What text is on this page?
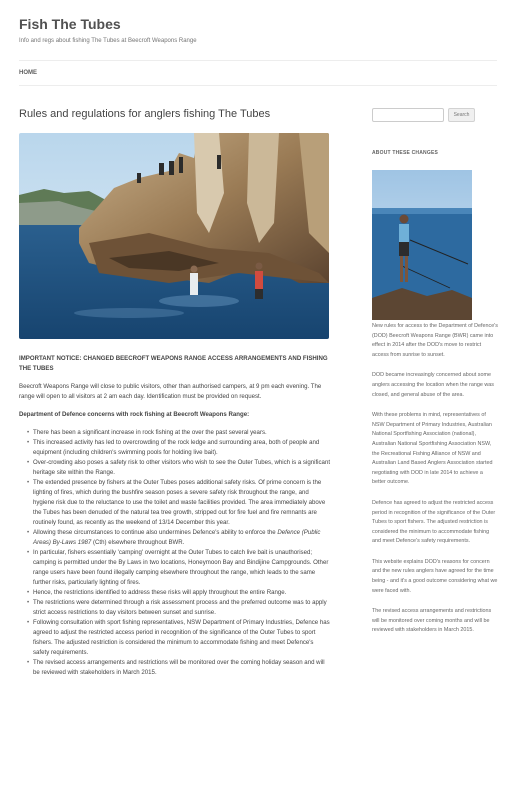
Fish The Tubes
Info and regs about fishing The Tubes at Beecroft Weapons Range
HOME
Rules and regulations for anglers fishing The Tubes

IMPORTANT NOTICE: CHANGED BEECROFT WEAPONS RANGE ACCESS ARRANGEMENTS AND FISHING THE TUBES

Beecroft Weapons Range will close to public visitors, other than authorised campers, at 9 pm each evening. The range will open to all visitors at 2 am each day. Identification must be provided on request.

Department of Defence concerns with rock fishing at Beecroft Weapons Range:

• There has been a significant increase in rock fishing at the over the past several years.
• This increased activity has led to overcrowding of the rock ledge and surrounding area, both of people and equipment (including children's swimming pools for holding live bait).
• Over-crowding also poses a safety risk to other visitors who wish to see the Outer Tubes, which is a significant heritage site within the Range.
• The extended presence by fishers at the Outer Tubes poses additional safety risks. Of prime concern is the lighting of fires, which during the bushfire season poses a severe safety risk throughout the range, and hygiene risk due to the reluctance to use the toilet and waste facilities provided. The area immediately above the Tubes has been denuded of the natural tea tree growth, stripped out for fire fuel and fire remnants are routinely found, as recently as the weekend of 13/14 December this year.
• Allowing these circumstances to continue also undermines Defence's ability to enforce the Defence (Public Areas) By-Laws 1987 (Cth) elsewhere throughout BWR.
• In particular, fishers essentially 'camping' overnight at the Outer Tubes to catch live bait is unauthorised; camping is permitted under the By Laws in two locations, Honeymoon Bay and Bindijine Campgrounds. Other range users have been found illegally camping elsewhere throughout the range, which leads to the same further risks, particularly lighting of fires.
• Hence, the restrictions identified to address these risks will apply throughout the entire Range.
• The restrictions were determined through a risk assessment process and the preferred outcome was to apply strict access restrictions to day visitors between sunset and sunrise.
• Following consultation with sport fishing representatives, NSW Department of Primary Industries, Defence has agreed to adjust the restricted access period in recognition of the significance of the Outer Tubes to sport fishers. The adjusted restriction is considered the minimum to accommodate fishing and meet Defence's safety requirements.
• The revised access arrangements and restrictions will be monitored over the coming holiday season and will be reviewed with stakeholders in March 2015.
Search
ABOUT THESE CHANGES

New rules for access to the Department of Defence's (DOD) Beecroft Weapons Range (BWR) came into effect in 2014 after the DOD's move to restrict access from sunrise to sunset.

DOD became increasingly concerned about some anglers accessing the location when the range was closed, and general abuse of the area.

With these problems in mind, representatives of NSW Department of Primary Industries, Australian National Sportfishing Association (national), Australian National Sportfishing Association NSW, the Recreational Fishing Alliance of NSW and Australian Land Based Anglers Association started negotiating with DOD in late 2014 to achieve a better outcome.

Defence has agreed to adjust the restricted access period in recognition of the significance of the Outer Tubes to sport fishers. The adjusted restriction is considered the minimum to accommodate fishing and meet Defence's safety requirements.

This website explains DOD's reasons for concern and the new rules anglers have agreed for the time being - and it's a good outcome considering what we were faced with.

The revised access arrangements and restrictions will be monitored over coming months and will be reviewed with stakeholders in March 2015.
